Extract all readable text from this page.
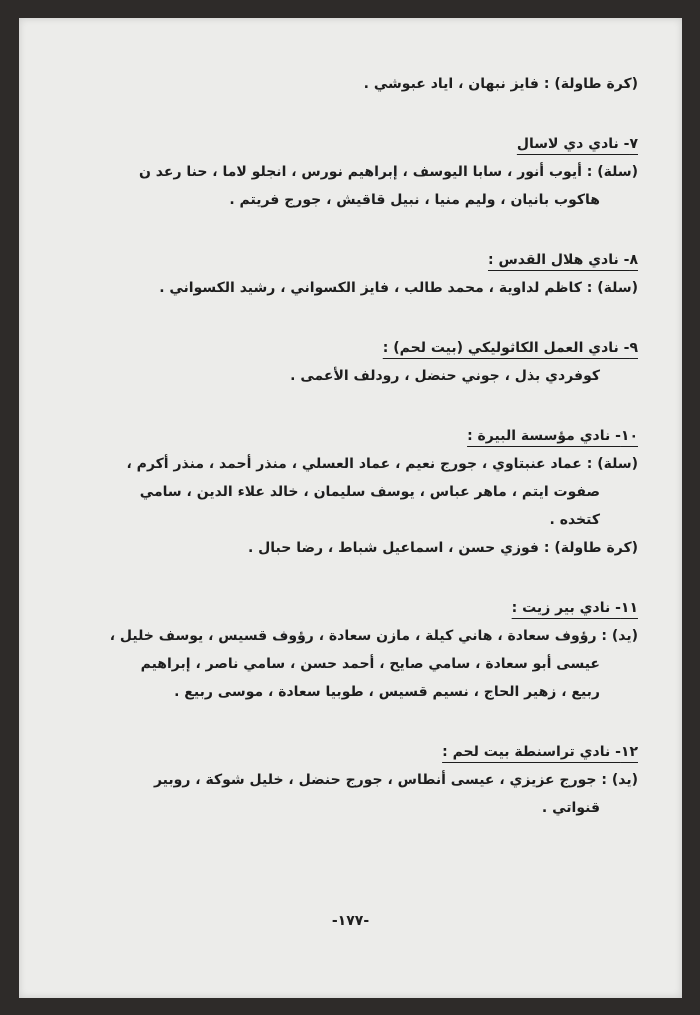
(كرة طاولة) : فايز نبهان ، اياد عبوشي .
٧- نادي دي لاسال
(سلة) : أيوب أنور ، سابا اليوسف ، إبراهيم نورس ، انجلو لاما ، حنا رعد ن
هاكوب بانيان ، وليم منيا ، نبيل قاقيش ، جورج فريتم .
٨- نادي هلال القدس :
(سلة) : كاظم لداوية ، محمد طالب ، فايز الكسواني ، رشيد الكسواني .
٩- نادي العمل الكاثوليكي (بيت لحم) :
كوفردي بذل ، جوني حنضل ، رودلف الأعمى .
١٠- نادي مؤسسة البيرة :
(سلة) : عماد عنبتاوي ، جورج نعيم ، عماد العسلي ، منذر أحمد ، منذر أكرم ،
صفوت ايتم ، ماهر عباس ، يوسف سليمان ، خالد علاء الدين ، سامي
كتخده .
(كرة طاولة) : فوزي حسن ، اسماعيل شباط ، رضا حبال .
١١- نادي بير زيت :
(يد) : رؤوف سعادة ، هاني كيلة ، مازن سعادة ، رؤوف قسيس ، يوسف خليل ،
عيسى أبو سعادة ، سامي صايح ، أحمد حسن ، سامي ناصر ، إبراهيم
ربيع ، زهير الحاج ، نسيم قسيس ، طوبيا سعادة ، موسى ربيع .
١٢- نادي تراسنطة بيت لحم :
(يد) : جورج عزيزي ، عيسى أنطاس ، جورج حنضل ، خليل شوكة ، روبير
قنواتي .
-١٧٧-
